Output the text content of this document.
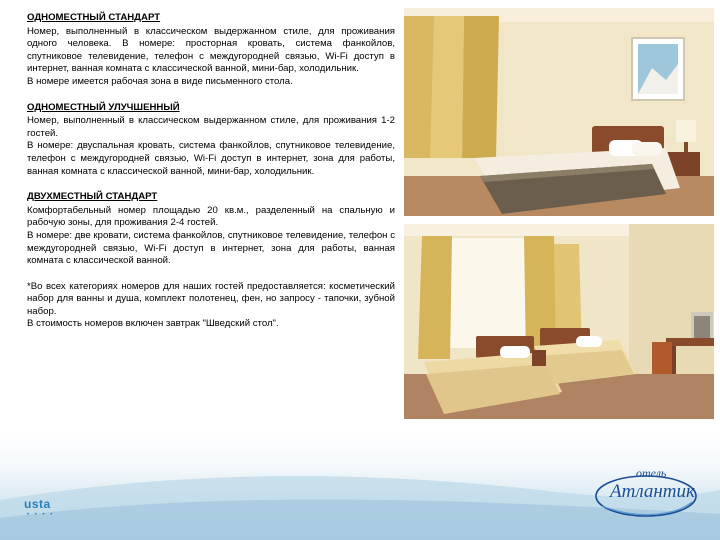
ОДНОМЕСТНЫЙ СТАНДАРТ

Номер, выполненный в классическом выдержанном стиле, для проживания одного человека. В номере: просторная кровать, система фанкойлов, спутниковое телевидение, телефон с междугородней связью, Wi-Fi доступ в интернет, ванная комната с классической ванной, мини-бар, холодильник.

В номере имеется рабочая зона в виде письменного стола.

ОДНОМЕСТНЫЙ УЛУЧШЕННЫЙ

Номер, выполненный в классическом выдержанном стиле, для проживания 1-2 гостей.

В номере: двуспальная кровать, система фанкойлов, спутниковое телевидение, телефон с междугородней связью, Wi-Fi доступ в интернет, зона для работы, ванная комната с классической ванной, мини-бар, холодильник.

ДВУХМЕСТНЫЙ СТАНДАРТ

Комфортабельный номер площадью 20 кв.м., разделенный на спальную и рабочую зоны, для проживания 2-4 гостей.

В номере: две кровати, система фанкойлов, спутниковое телевидение, телефон с междугородней связью, Wi-Fi доступ в интернет, зона для работы, ванная комната с классической ванной.

*Во всех категориях номеров для наших гостей предоставляется: косметический набор для ванны и душа, комплект полотенец, фен, но запросу - тапочки, зубной набор.

В стоимость номеров включен завтрак "Шведский стол".

usta
• • • •
отель
Атлантик
